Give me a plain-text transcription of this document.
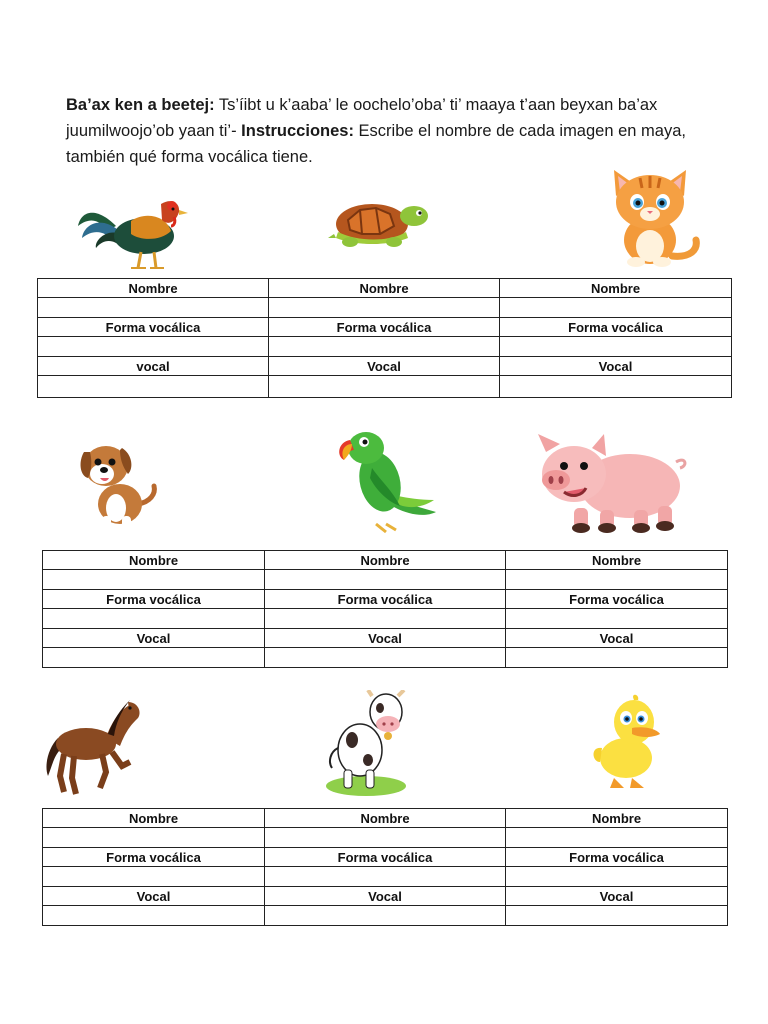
Ba’ax ken a beetej: Ts’íibt u k’aaba’ le oochelo’oba’ ti’ maaya t’aan beyxan ba’ax juumilwoojo’ob yaan ti’- Instrucciones: Escribe el nombre de cada imagen en maya, también qué forma vocálica tiene.
Nombre	Nombre	Nombre

Forma vocálica	Forma vocálica	Forma vocálica

vocal	Vocal	Vocal

Nombre	Nombre	Nombre

Forma vocálica	Forma vocálica	Forma vocálica

Vocal	Vocal	Vocal

Nombre	Nombre	Nombre

Forma vocálica	Forma vocálica	Forma vocálica

Vocal	Vocal	Vocal
